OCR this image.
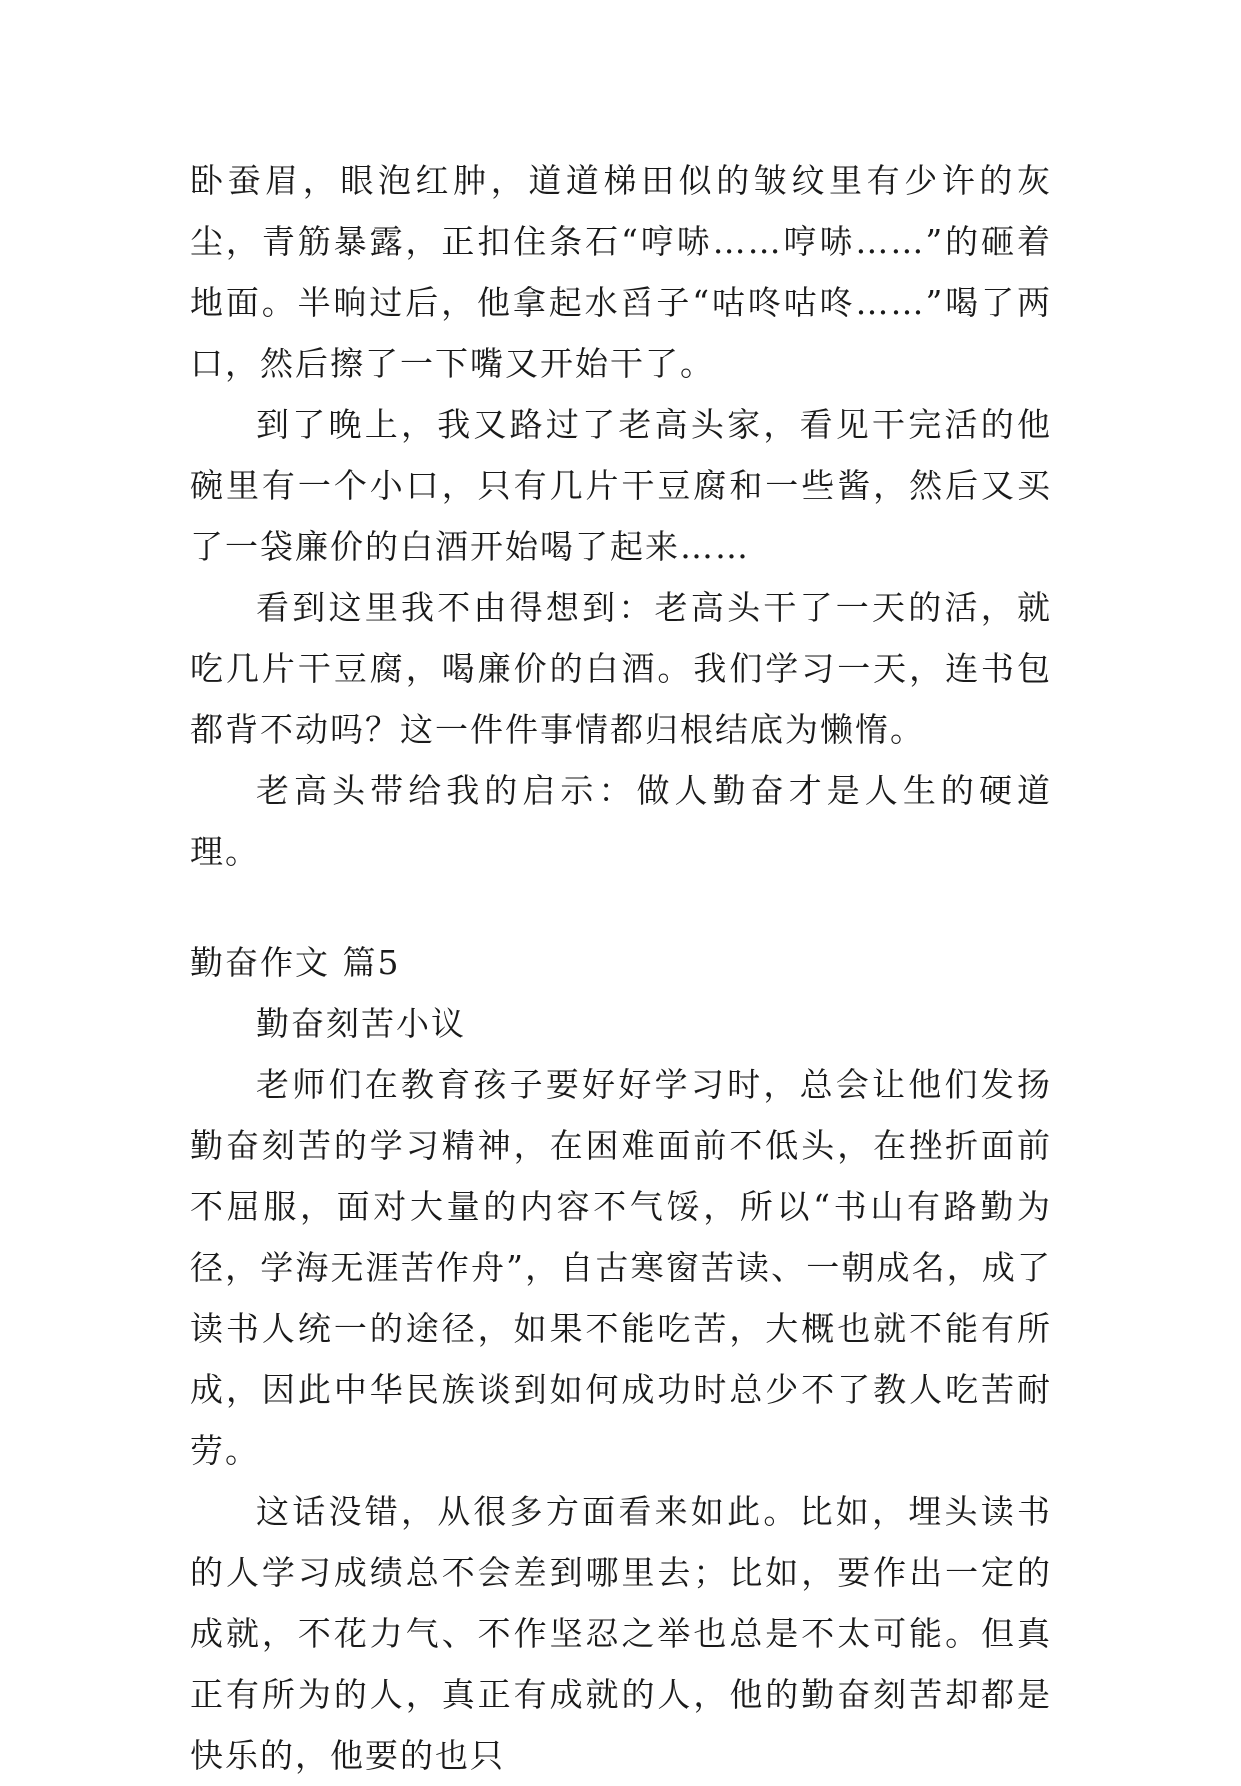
卧蚕眉，眼泡红肿，道道梯田似的皱纹里有少许的灰尘，青筋暴露，正扣住条石“哼哧……哼哧……”的砸着地面。半晌过后，他拿起水舀子“咕咚咕咚……”喝了两口，然后擦了一下嘴又开始干了。

到了晚上，我又路过了老高头家，看见干完活的他碗里有一个小口，只有几片干豆腐和一些酱，然后又买了一袋廉价的白酒开始喝了起来……

看到这里我不由得想到：老高头干了一天的活，就吃几片干豆腐，喝廉价的白酒。我们学习一天，连书包都背不动吗？这一件件事情都归根结底为懒惰。

老高头带给我的启示：做人勤奋才是人生的硬道理。

勤奋作文 篇5

勤奋刻苦小议

老师们在教育孩子要好好学习时，总会让他们发扬勤奋刻苦的学习精神，在困难面前不低头，在挫折面前不屈服，面对大量的内容不气馁，所以“书山有路勤为径，学海无涯苦作舟”，自古寒窗苦读、一朝成名，成了读书人统一的途径，如果不能吃苦，大概也就不能有所成，因此中华民族谈到如何成功时总少不了教人吃苦耐劳。

这话没错，从很多方面看来如此。比如，埋头读书的人学习成绩总不会差到哪里去；比如，要作出一定的成就，不花力气、不作坚忍之举也总是不太可能。但真正有所为的人，真正有成就的人，他的勤奋刻苦却都是快乐的，他要的也只
